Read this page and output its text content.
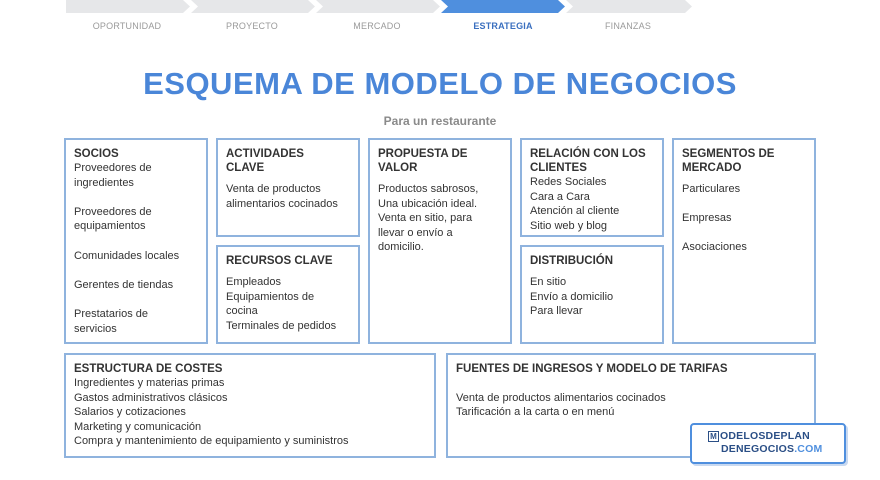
OPORTUNIDAD	PROYECTO	MERCADO	ESTRATEGIA	FINANZAS
ESQUEMA DE MODELO DE NEGOCIOS
Para un restaurante
SOCIOS
Proveedores de
ingredientes
Proveedores de
equipamientos
Comunidades locales
Gerentes de tiendas
Prestatarios de
servicios
ACTIVIDADES
CLAVE
Venta de productos
alimentarios cocinados
RECURSOS CLAVE
Empleados
Equipamientos de
cocina
Terminales de pedidos
PROPUESTA DE
VALOR
Productos sabrosos,
Una ubicación ideal.
Venta en sitio, para
llevar o envío a
domicilio.
RELACIÓN CON LOS
CLIENTES
Redes Sociales
Cara a Cara
Atención al cliente
Sitio web y blog
DISTRIBUCIÓN
En sitio
Envío a domicilio
Para llevar
SEGMENTOS DE
MERCADO
Particulares
Empresas
Asociaciones
ESTRUCTURA DE COSTES
Ingredientes y materias primas
Gastos administrativos clásicos
Salarios y cotizaciones
Marketing y comunicación
Compra y mantenimiento de equipamiento y suministros
FUENTES DE INGRESOS Y MODELO DE TARIFAS
Venta de productos alimentarios cocinados
Tarificación a la carta o en menú
M ODELOSDEPLAN
DENEGOCIOS.COM
